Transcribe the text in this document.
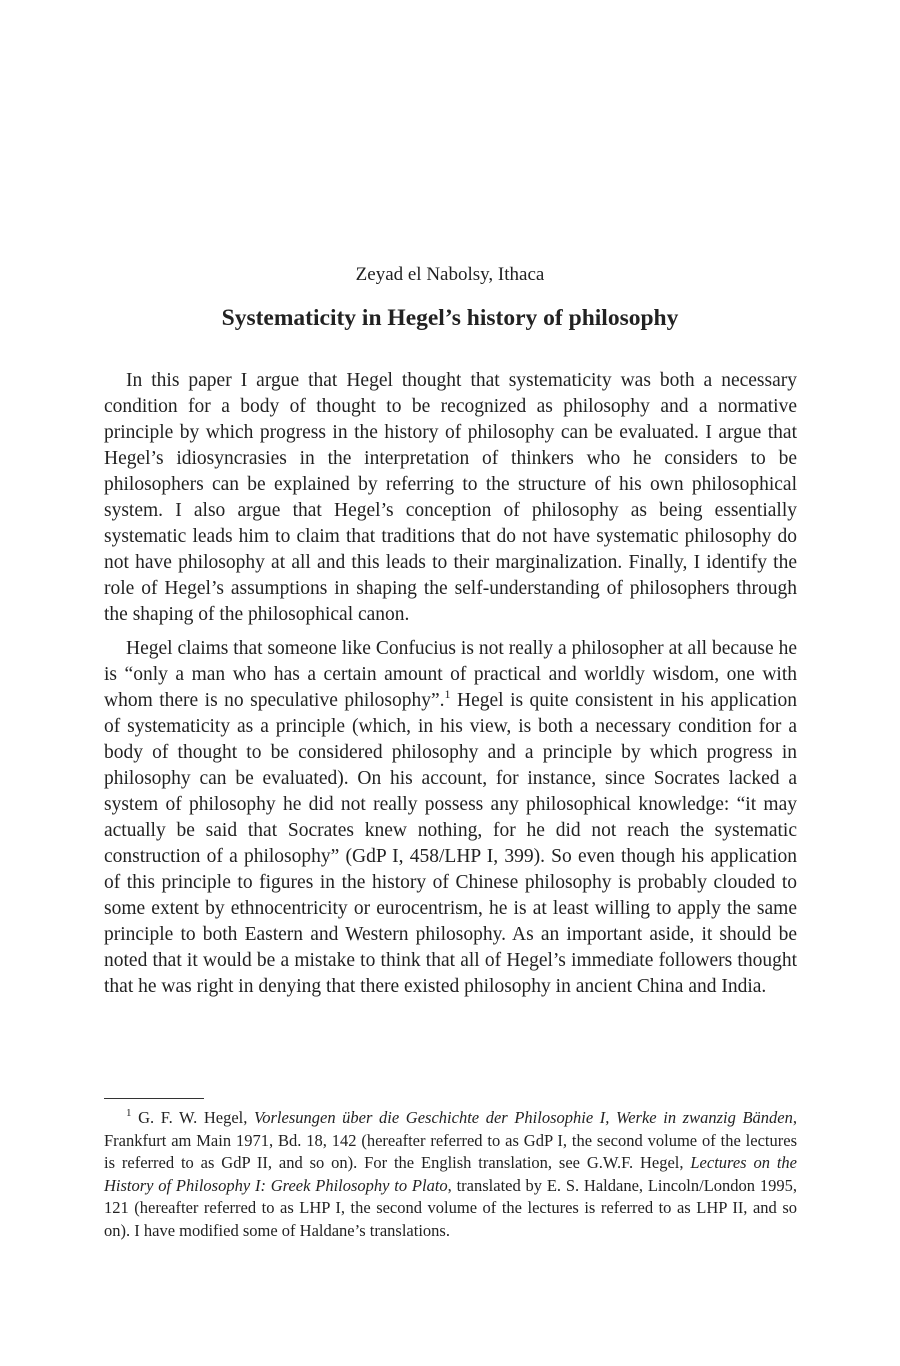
Zeyad el Nabolsy, Ithaca
Systematicity in Hegel’s history of philosophy

In this paper I argue that Hegel thought that systematicity was both a necessary condition for a body of thought to be recognized as philosophy and a normative principle by which progress in the history of philosophy can be evaluated. I argue that Hegel’s idiosyncrasies in the interpretation of thinkers who he considers to be philosophers can be explained by referring to the structure of his own philosophical system. I also argue that Hegel’s conception of philosophy as being essentially systematic leads him to claim that traditions that do not have systematic philosophy do not have philosophy at all and this leads to their marginalization. Finally, I identify the role of Hegel’s assumptions in shaping the self-understanding of philosophers through the shaping of the philosophical canon.

Hegel claims that someone like Confucius is not really a philosopher at all because he is “only a man who has a certain amount of practical and worldly wisdom, one with whom there is no speculative philosophy”.$^1$ Hegel is quite consistent in his application of systematicity as a principle (which, in his view, is both a necessary condition for a body of thought to be considered philosophy and a principle by which progress in philosophy can be evaluated). On his account, for instance, since Socrates lacked a system of philosophy he did not really possess any philosophical knowledge: “it may actually be said that Socrates knew nothing, for he did not reach the systematic construction of a philosophy” (GdP I, 458/LHP I, 399). So even though his application of this principle to figures in the history of Chinese philosophy is probably clouded to some extent by ethnocentricity or eurocentrism, he is at least willing to apply the same principle to both Eastern and Western philosophy. As an important aside, it should be noted that it would be a mistake to think that all of Hegel’s immediate followers thought that he was right in denying that there existed philosophy in ancient China and India.

$^1$ G. F. W. Hegel, Vorlesungen über die Geschichte der Philosophie I, Werke in zwanzig Bänden, Frankfurt am Main 1971, Bd. 18, 142 (hereafter referred to as GdP I, the second volume of the lectures is referred to as GdP II, and so on). For the English translation, see G.W.F. Hegel, Lectures on the History of Philosophy I: Greek Philosophy to Plato, translated by E. S. Haldane, Lincoln/London 1995, 121 (hereafter referred to as LHP I, the second volume of the lectures is referred to as LHP II, and so on). I have modified some of Haldane’s translations.
